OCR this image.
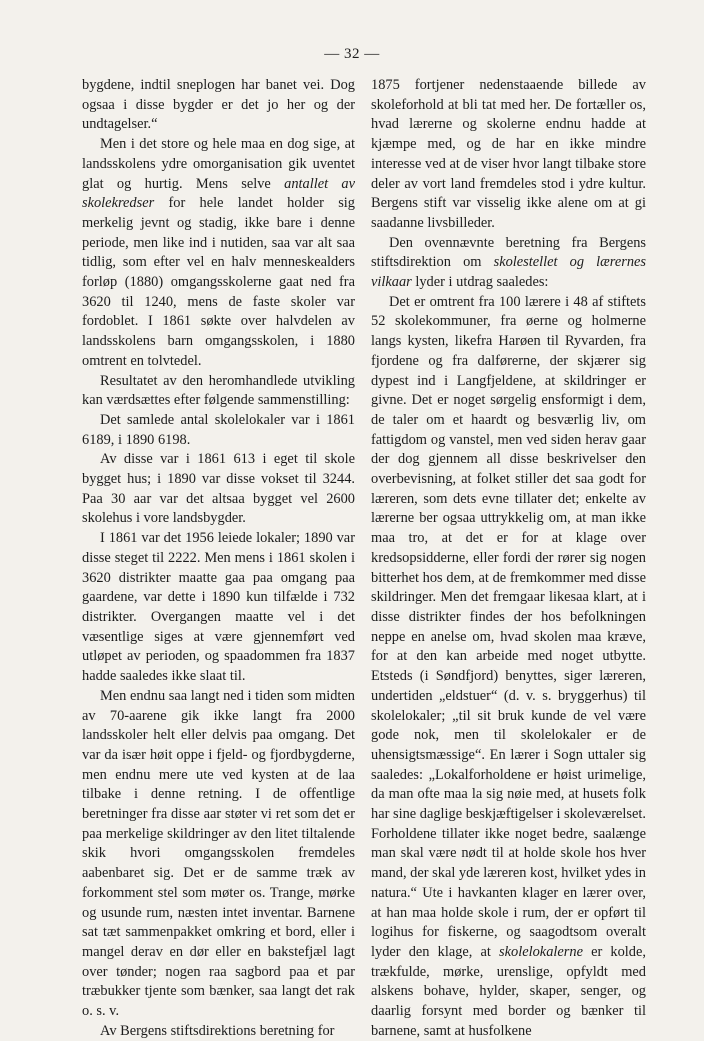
— 32 —

bygdene, indtil sneplogen har banet vei. Dog ogsaa i disse bygder er det jo her og der undtagelser.“

Men i det store og hele maa en dog sige, at landsskolens ydre omorganisation gik uventet glat og hurtig. Mens selve antallet av skolekredser for hele landet holder sig merkelig jevnt og stadig, ikke bare i denne periode, men like ind i nutiden, saa var alt saa tidlig, som efter vel en halv menneskealders forløp (1880) omgangsskolerne gaat ned fra 3620 til 1240, mens de faste skoler var fordoblet. I 1861 søkte over halvdelen av landsskolens barn omgangsskolen, i 1880 omtrent en tolvtedel.

Resultatet av den heromhandlede utvikling kan værdsættes efter følgende sammenstilling:

Det samlede antal skolelokaler var i 1861 6189, i 1890 6198.

Av disse var i 1861 613 i eget til skole bygget hus; i 1890 var disse vokset til 3244. Paa 30 aar var det altsaa bygget vel 2600 skolehus i vore landsbygder.

I 1861 var det 1956 leiede lokaler; 1890 var disse steget til 2222. Men mens i 1861 skolen i 3620 distrikter maatte gaa paa omgang paa gaardene, var dette i 1890 kun tilfælde i 732 distrikter. Overgangen maatte vel i det væsentlige siges at være gjennemført ved utløpet av perioden, og spaadommen fra 1837 hadde saaledes ikke slaat til.

Men endnu saa langt ned i tiden som midten av 70-aarene gik ikke langt fra 2000 landsskoler helt eller delvis paa omgang. Det var da især høit oppe i fjeld- og fjordbygderne, men endnu mere ute ved kysten at de laa tilbake i denne retning. I de offentlige beretninger fra disse aar støter vi ret som det er paa merkelige skildringer av den litet tiltalende skik hvori omgangsskolen fremdeles aabenbaret sig. Det er de samme træk av forkomment stel som møter os. Trange, mørke og usunde rum, næsten intet inventar. Barnene sat tæt sammenpakket omkring et bord, eller i mangel derav en dør eller en bakstefjæl lagt over tønder; nogen raa sagbord paa et par træbukker tjente som bænker, saa langt det rak o. s. v.

Av Bergens stiftsdirektions beretning for

1875 fortjener nedenstaaende billede av skoleforhold at bli tat med her. De fortæller os, hvad lærerne og skolerne endnu hadde at kjæmpe med, og de har en ikke mindre interesse ved at de viser hvor langt tilbake store deler av vort land fremdeles stod i ydre kultur. Bergens stift var visselig ikke alene om at gi saadanne livsbilleder.

Den ovennævnte beretning fra Bergens stiftsdirektion om skolestellet og lærernes vilkaar lyder i utdrag saaledes:

Det er omtrent fra 100 lærere i 48 af stiftets 52 skolekommuner, fra øerne og holmerne langs kysten, likefra Harøen til Ryvarden, fra fjordene og fra dalførerne, der skjærer sig dypest ind i Langfjeldene, at skildringer er givne. Det er noget sørgelig ensformigt i dem, de taler om et haardt og besværlig liv, om fattigdom og vanstel, men ved siden herav gaar der dog gjennem all disse beskrivelser den overbevisning, at folket stiller det saa godt for læreren, som dets evne tillater det; enkelte av lærerne ber ogsaa uttrykkelig om, at man ikke maa tro, at det er for at klage over kredsopsidderne, eller fordi der rører sig nogen bitterhet hos dem, at de fremkommer med disse skildringer. Men det fremgaar likesaa klart, at i disse distrikter findes der hos befolkningen neppe en anelse om, hvad skolen maa kræve, for at den kan arbeide med noget utbytte. Etsteds (i Søndfjord) benyttes, siger læreren, undertiden „eldstuer“ (d. v. s. bryggerhus) til skolelokaler; „til sit bruk kunde de vel være gode nok, men til skolelokaler er de uhensigtsmæssige“. En lærer i Sogn uttaler sig saaledes: „Lokalforholdene er høist urimelige, da man ofte maa la sig nøie med, at husets folk har sine daglige beskjæftigelser i skoleværelset. Forholdene tillater ikke noget bedre, saalænge man skal være nødt til at holde skole hos hver mand, der skal yde læreren kost, hvilket ydes in natura.“ Ute i havkanten klager en lærer over, at han maa holde skole i rum, der er opført til logihus for fiskerne, og saagodtsom overalt lyder den klage, at skolelokalerne er kolde, trækfulde, mørke, urenslige, opfyldt med alskens bohave, hylder, skaper, senger, og daarlig forsynt med border og bænker til barnene, samt at husfolkene
